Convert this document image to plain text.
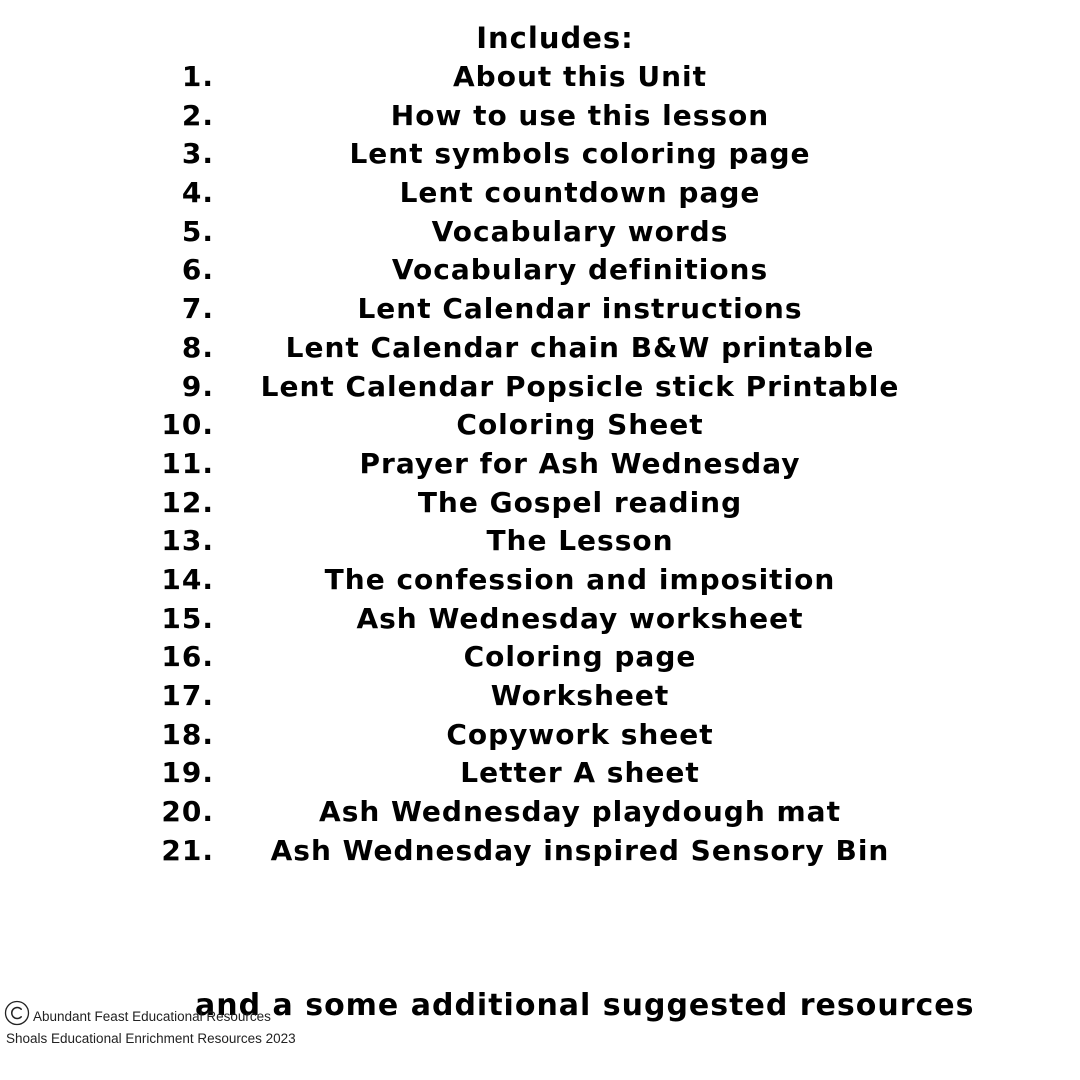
Includes:
1.	About this Unit
2.	How to use this lesson
3.	Lent symbols coloring page
4.	Lent countdown page
5.	Vocabulary words
6.	Vocabulary definitions
7.	Lent Calendar instructions
8.	Lent Calendar chain B&W printable
9.	Lent Calendar Popsicle stick Printable
10.	Coloring Sheet
11.	Prayer for Ash Wednesday
12.	The Gospel reading
13.	The Lesson
14.	The confession and imposition
15.	Ash Wednesday worksheet
16.	Coloring page
17.	Worksheet
18.	Copywork sheet
19.	Letter A sheet
20.	Ash Wednesday playdough mat
21.	Ash Wednesday inspired Sensory Bin
and a some additional suggested resources
Abundant Feast Educational Resources
Shoals Educational Enrichment Resources 2023
